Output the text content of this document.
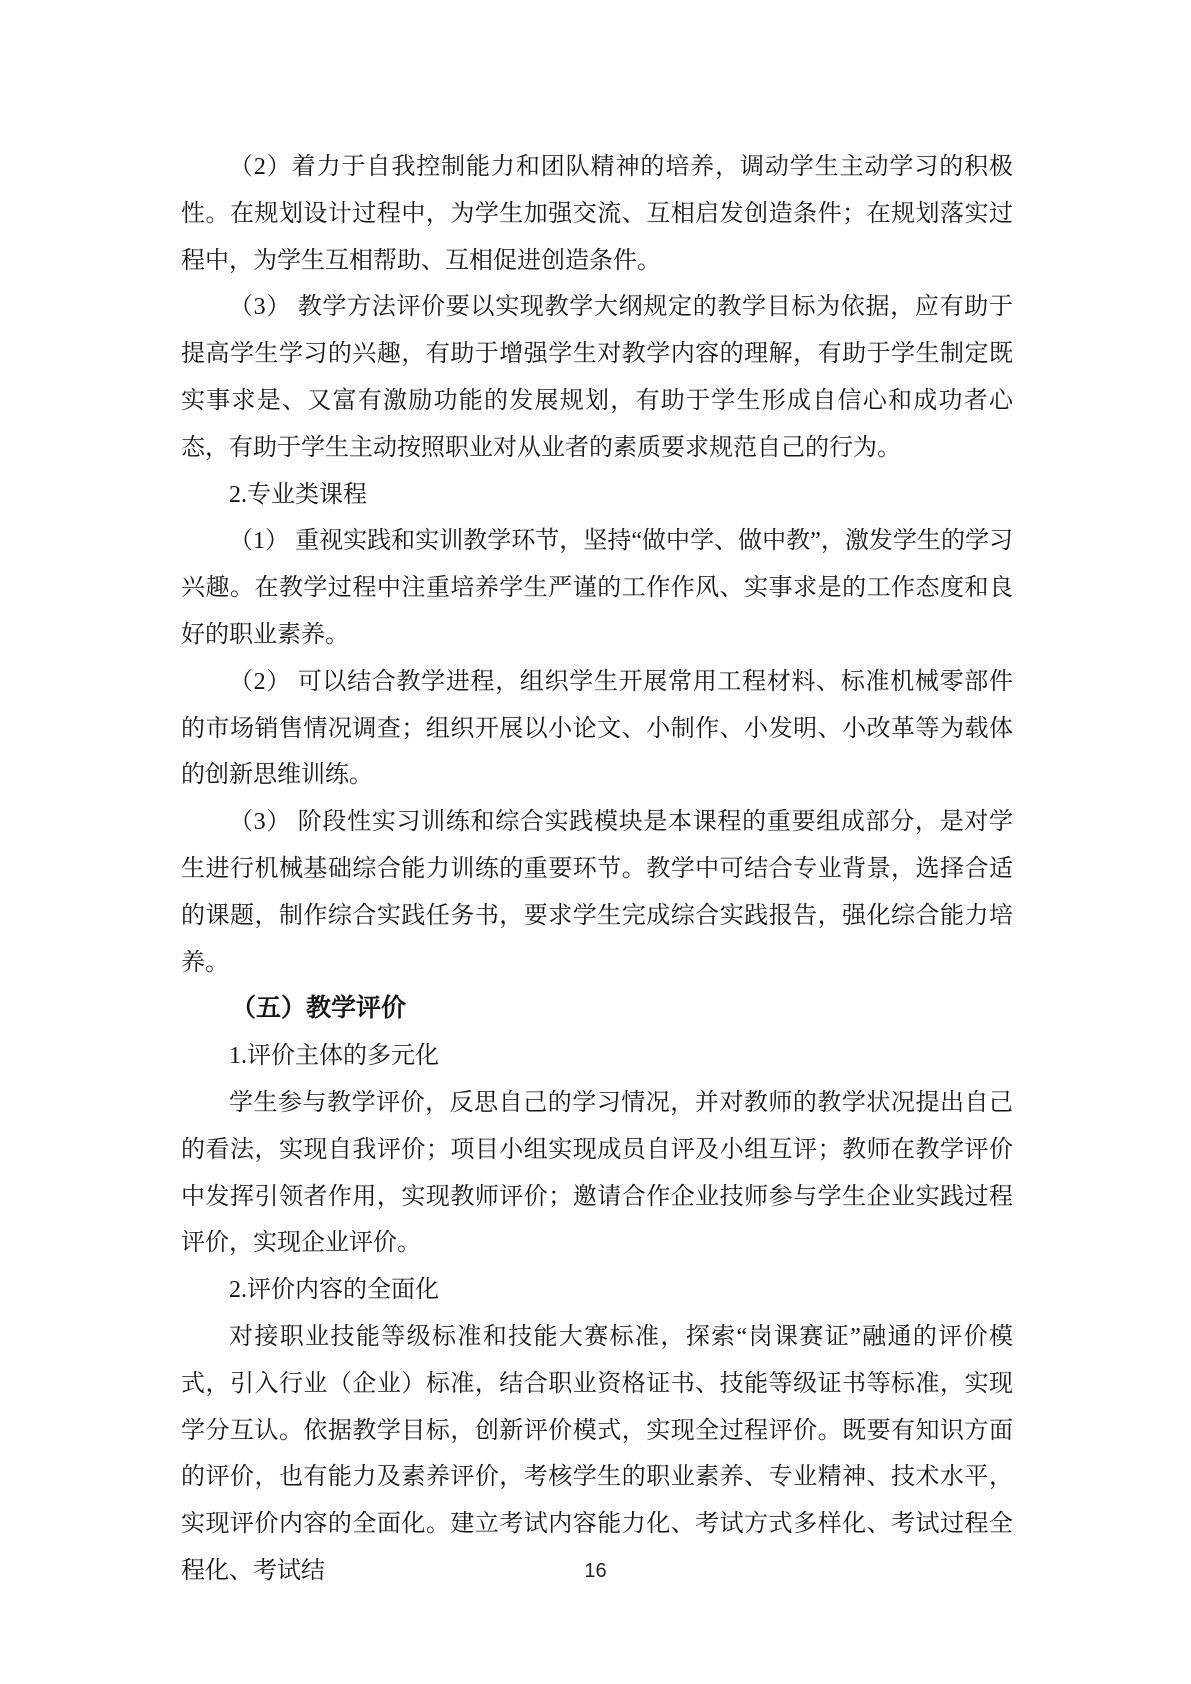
（2）着力于自我控制能力和团队精神的培养，调动学生主动学习的积极性。在规划设计过程中，为学生加强交流、互相启发创造条件；在规划落实过程中，为学生互相帮助、互相促进创造条件。

（3） 教学方法评价要以实现教学大纲规定的教学目标为依据，应有助于提高学生学习的兴趣，有助于增强学生对教学内容的理解，有助于学生制定既实事求是、又富有激励功能的发展规划，有助于学生形成自信心和成功者心态，有助于学生主动按照职业对从业者的素质要求规范自己的行为。

2.专业类课程

（1） 重视实践和实训教学环节，坚持“做中学、做中教”，激发学生的学习兴趣。在教学过程中注重培养学生严谨的工作作风、实事求是的工作态度和良好的职业素养。

（2） 可以结合教学进程，组织学生开展常用工程材料、标准机械零部件的市场销售情况调查；组织开展以小论文、小制作、小发明、小改革等为载体的创新思维训练。

（3） 阶段性实习训练和综合实践模块是本课程的重要组成部分，是对学生进行机械基础综合能力训练的重要环节。教学中可结合专业背景，选择合适的课题，制作综合实践任务书，要求学生完成综合实践报告，强化综合能力培养。

（五）教学评价

1.评价主体的多元化

学生参与教学评价，反思自己的学习情况，并对教师的教学状况提出自己的看法，实现自我评价；项目小组实现成员自评及小组互评；教师在教学评价中发挥引领者作用，实现教师评价；邀请合作企业技师参与学生企业实践过程评价，实现企业评价。

2.评价内容的全面化

对接职业技能等级标准和技能大赛标准，探索“岗课赛证”融通的评价模式，引入行业（企业）标准，结合职业资格证书、技能等级证书等标准，实现学分互认。依据教学目标，创新评价模式，实现全过程评价。既要有知识方面的评价，也有能力及素养评价，考核学生的职业素养、专业精神、技术水平，实现评价内容的全面化。建立考试内容能力化、考试方式多样化、考试过程全程化、考试结	16
